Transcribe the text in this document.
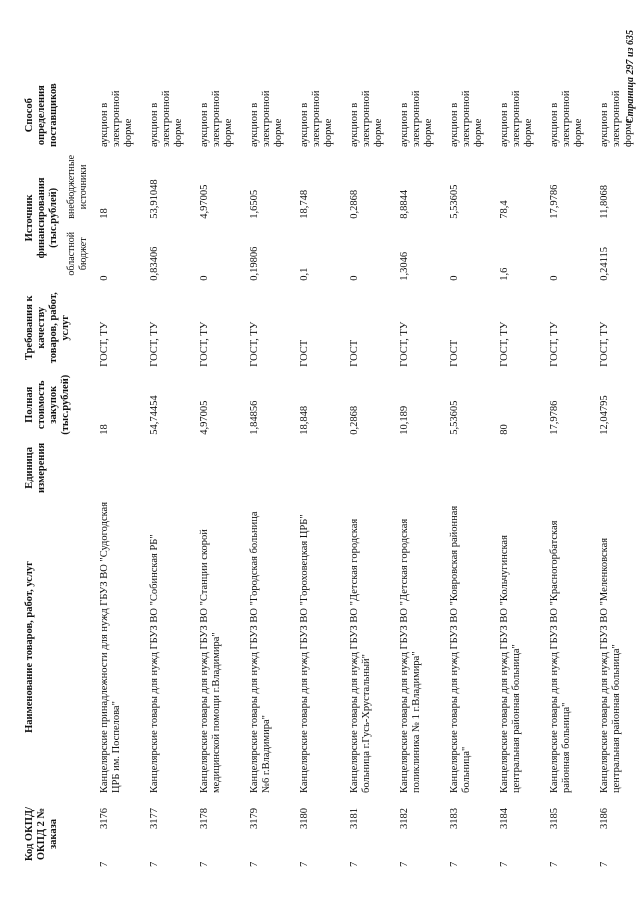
Код ОКПД/ ОКПД 2 № заказа			Наименование товаров, работ, услуг	Единица измерения	Полная стоимость закупок (тыс.рублей)	Требования к качеству товаров, работ, услуг	Источник финансирования (тыс.рублей)		Способ определения поставщиков
							областной бюджет	внебюджетные источники	
7		3176	Канцелярские принадлежности для нужд ГБУЗ ВО "Судогодская ЦРБ им. Поспелова"		18	ГОСТ, ТУ	0	18	аукцион в электронной форме
7		3177	Канцелярские товары для нужд ГБУЗ ВО "Собинская РБ"		54,74454	ГОСТ, ТУ	0,83406	53,91048	аукцион в электронной форме
7		3178	Канцелярские товары для нужд ГБУЗ ВО "Станции скорой медицинской помощи г.Владимира"		4,97005	ГОСТ, ТУ	0	4,97005	аукцион в электронной форме
7		3179	Канцелярские товары для нужд ГБУЗ ВО "Городская больница №6 г.Владимира"		1,84856	ГОСТ, ТУ	0,19806	1,6505	аукцион в электронной форме
7		3180	Канцелярские товары для нужд ГБУЗ ВО "Гороховецкая ЦРБ"		18,848	ГОСТ	0,1	18,748	аукцион в электронной форме
7		3181	Канцелярские товары для нужд ГБУЗ ВО "Детская городская больница г.Гусь-Хрустальный"		0,2868	ГОСТ	0	0,2868	аукцион в электронной форме
7		3182	Канцелярские товары для нужд ГБУЗ ВО "Детская городская поликлиника № 1 г.Владимира"		10,189	ГОСТ, ТУ	1,3046	8,8844	аукцион в электронной форме
7		3183	Канцелярские товары для нужд ГБУЗ ВО "Ковровская районная больница"		5,53605	ГОСТ	0	5,53605	аукцион в электронной форме
7		3184	Канцелярские товары для нужд ГБУЗ ВО "Кольчугинская центральная районная больница"		80	ГОСТ, ТУ	1,6	78,4	аукцион в электронной форме
7		3185	Канцелярские товары для нужд ГБУЗ ВО "Красногорбатская районная больница"		17,9786	ГОСТ, ТУ	0	17,9786	аукцион в электронной форме
7		3186	Канцелярские товары для нужд ГБУЗ ВО "Меленковская центральная районная больница"		12,04795	ГОСТ, ТУ	0,24115	11,8068	аукцион в электронной форме
Страница 297 из 635
